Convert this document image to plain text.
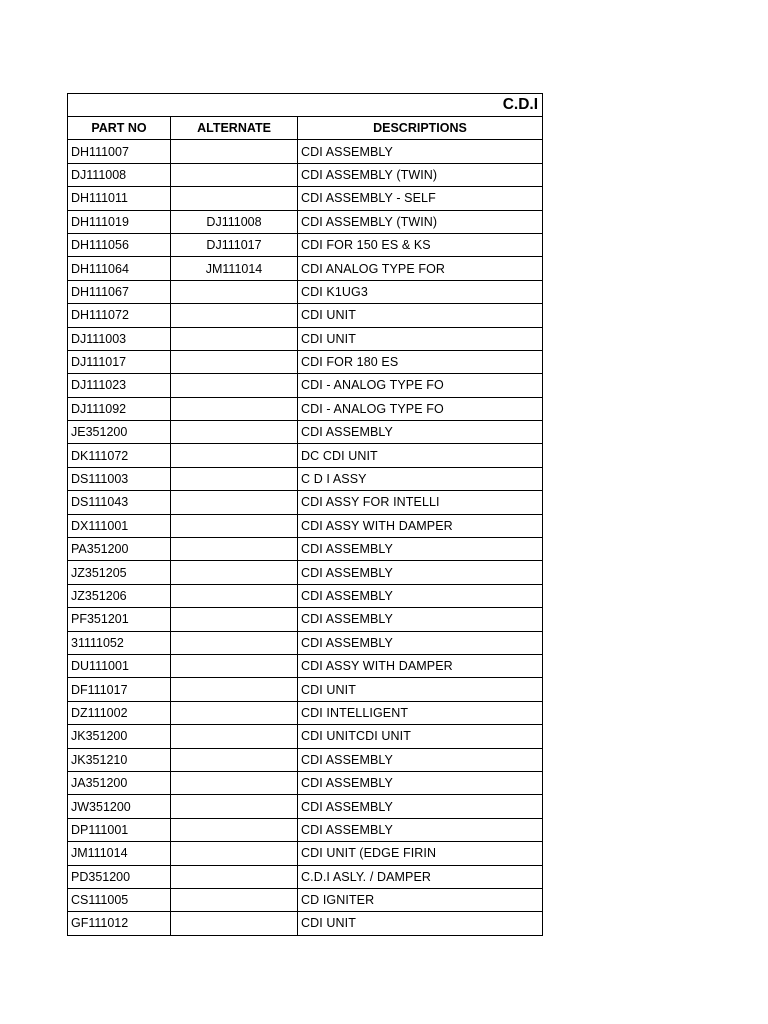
C.D.I		
PART NO	ALTERNATE	DESCRIPTIONS
DH111007		CDI ASSEMBLY
DJ111008		CDI ASSEMBLY (TWIN)
DH111011		CDI ASSEMBLY - SELF
DH111019	DJ111008	CDI ASSEMBLY (TWIN)
DH111056	DJ111017	CDI FOR 150 ES & KS
DH111064	JM111014	CDI ANALOG TYPE FOR
DH111067		CDI K1UG3
DH111072		CDI UNIT
DJ111003		CDI UNIT
DJ111017		CDI FOR 180 ES
DJ111023		CDI - ANALOG TYPE FO
DJ111092		CDI - ANALOG TYPE FO
JE351200		CDI ASSEMBLY
DK111072		DC CDI UNIT
DS111003		C D I ASSY
DS111043		CDI ASSY FOR INTELLI
DX111001		CDI ASSY WITH DAMPER
PA351200		CDI ASSEMBLY
JZ351205		CDI ASSEMBLY
JZ351206		CDI ASSEMBLY
PF351201		CDI ASSEMBLY
31111052		CDI ASSEMBLY
DU111001		CDI ASSY WITH DAMPER
DF111017		CDI UNIT
DZ111002		CDI INTELLIGENT
JK351200		CDI UNITCDI UNIT
JK351210		CDI ASSEMBLY
JA351200		CDI ASSEMBLY
JW351200		CDI ASSEMBLY
DP111001		CDI ASSEMBLY
JM111014		CDI UNIT (EDGE FIRIN
PD351200		C.D.I ASLY. / DAMPER
CS111005		CD IGNITER
GF111012		CDI UNIT
